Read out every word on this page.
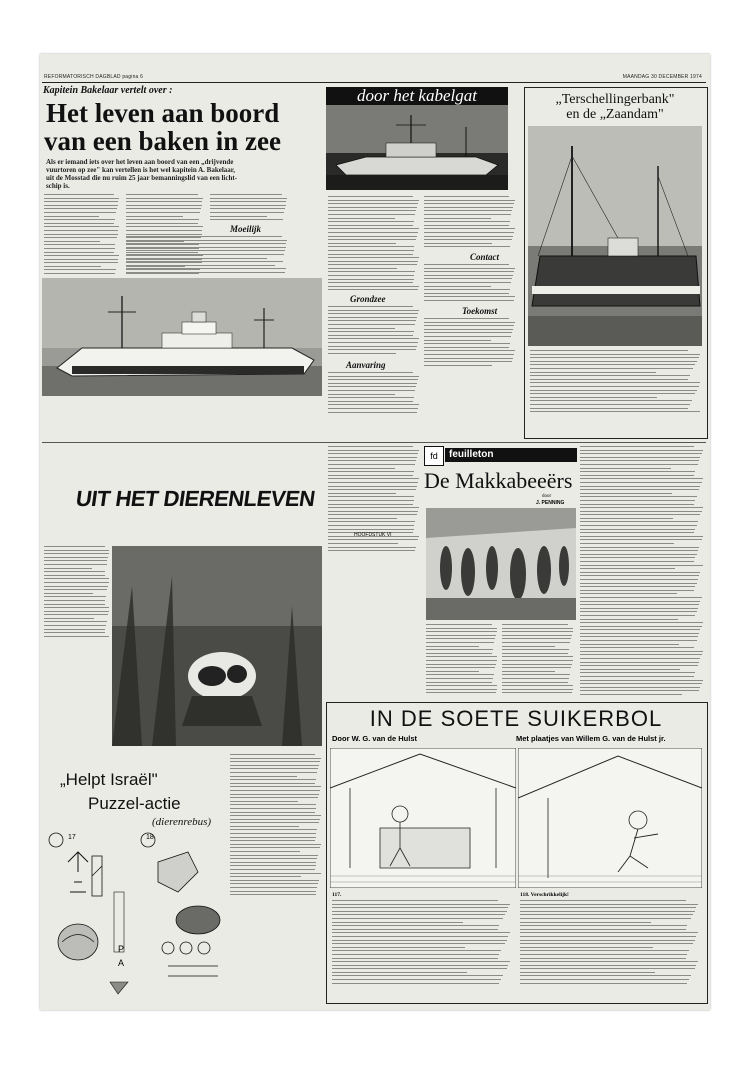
REFORMATORISCH DAGBLAD pagina 6	MAANDAG 30 DECEMBER 1974
Kapitein Bakelaar vertelt over :
Het leven aan boord
van een baken in zee
Als er iemand iets over het leven aan boord van een „drijvende
vuurtoren op zee" kan vertellen is het wel kapitein A. Bakelaar,
uit de Mosstad die nu ruim 25 jaar bemanningslid van een licht-
schip is.
Moeilijk
Grondzee
Aanvaring
Contact
Toekomst
door het kabelgat	„Terschellingerbank"
en de „Zaandam"
UIT HET DIERENLEVEN
„Helpt Israël"
Puzzel-actie
(dierenrebus)
17	18
P
A
fd	feuilleton
De Makkabeeërs
door
J. PENNING
HOOFDSTUK VI
IN DE SOETE SUIKERBOL
Door W. G. van de Hulst	Met plaatjes van Willem G. van de Hulst jr.
117.	118. Verschrikkelijk!
